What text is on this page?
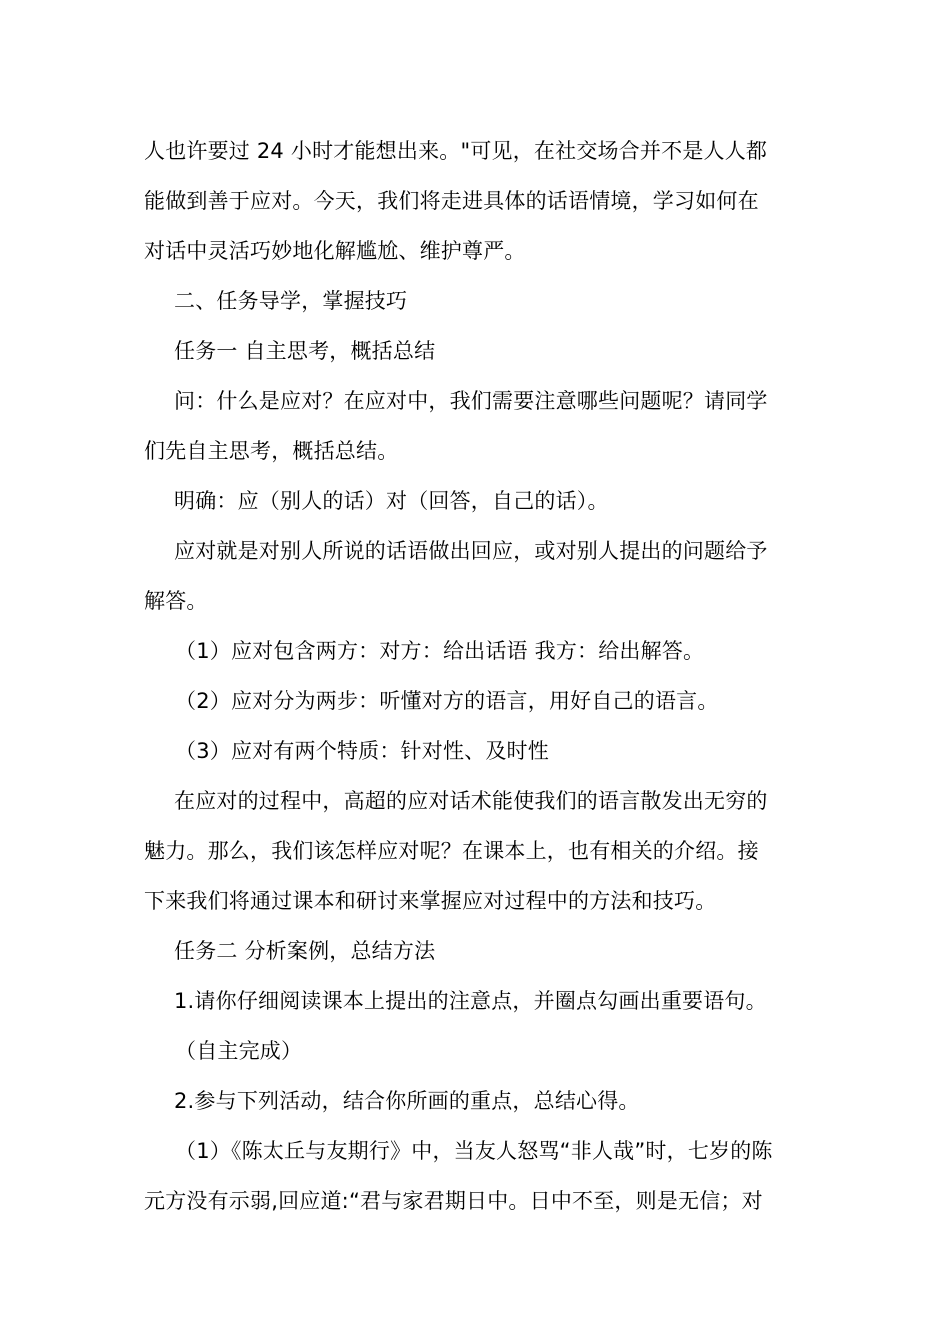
人也许要过 24 小时才能想出来。"可见，在社交场合并不是人人都
能做到善于应对。今天，我们将走进具体的话语情境，学习如何在
对话中灵活巧妙地化解尴尬、维护尊严。
二、任务导学，掌握技巧
任务一 自主思考，概括总结
问：什么是应对？在应对中，我们需要注意哪些问题呢？请同学
们先自主思考，概括总结。
明确：应（别人的话）对（回答，自己的话）。
应对就是对别人所说的话语做出回应，或对别人提出的问题给予
解答。
（1）应对包含两方：对方：给出话语 我方：给出解答。
（2）应对分为两步：听懂对方的语言，用好自己的语言。
（3）应对有两个特质：针对性、及时性
在应对的过程中，高超的应对话术能使我们的语言散发出无穷的
魅力。那么，我们该怎样应对呢？在课本上，也有相关的介绍。接
下来我们将通过课本和研讨来掌握应对过程中的方法和技巧。
任务二 分析案例，总结方法
1.请你仔细阅读课本上提出的注意点，并圈点勾画出重要语句。
（自主完成）
2.参与下列活动，结合你所画的重点，总结心得。
（1）《陈太丘与友期行》中，当友人怒骂“非人哉”时，七岁的陈
元方没有示弱,回应道:“君与家君期日中。日中不至，则是无信；对
